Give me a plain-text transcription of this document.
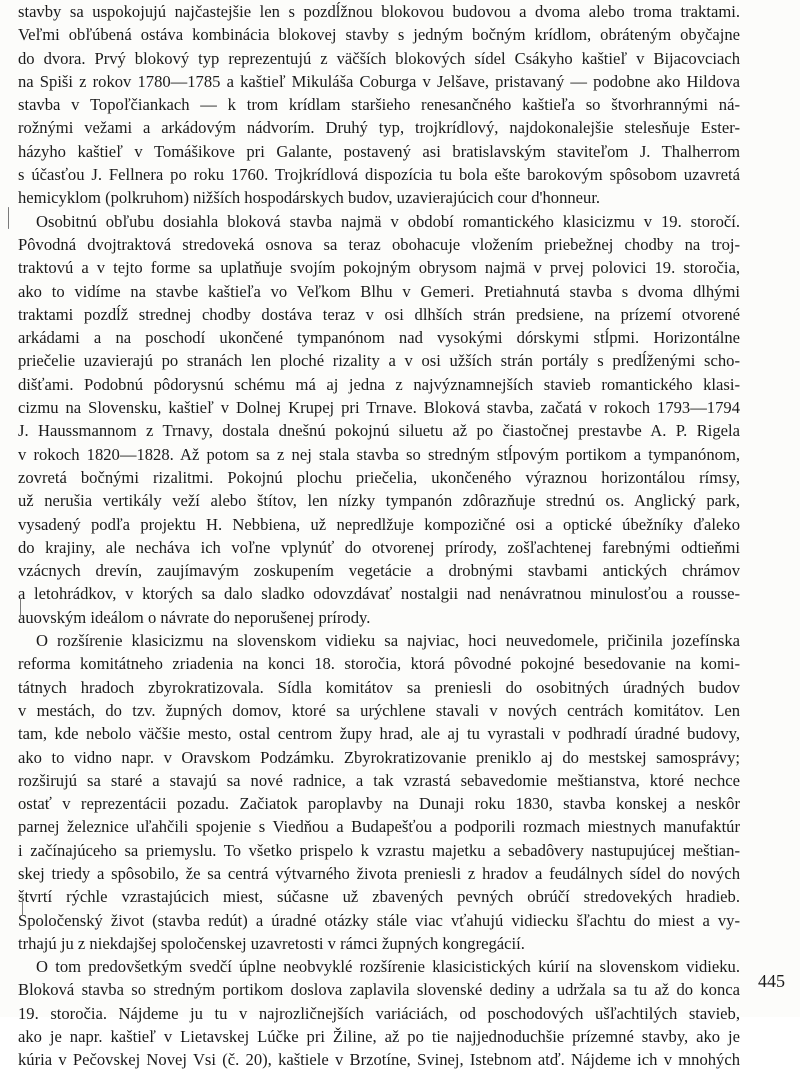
stavby sa uspokojujú najčastejšie len s pozdĺžnou blokovou budovou a dvoma alebo troma traktami.
Veľmi obľúbená ostáva kombinácia blokovej stavby s jedným bočným krídlom, obráteným obyčajne
do dvora. Prvý blokový typ reprezentujú z väčších blokových sídel Csákyho kaštieľ v Bijacovciach
na Spiši z rokov 1780—1785 a kaštieľ Mikuláša Coburga v Jelšave, pristavaný — podobne ako Hildova
stavba v Topoľčiankach — k trom krídlam staršieho renesančného kaštieľa so štvorhrannými ná-
rožnými vežami a arkádovým nádvorím. Druhý typ, trojkrídlový, najdokonalejšie stelesňuje Ester-
házyho kaštieľ v Tomášikove pri Galante, postavený asi bratislavským staviteľom J. Thalherrom
s účasťou J. Fellnera po roku 1760. Trojkrídlová dispozícia tu bola ešte barokovým spôsobom uzavretá
hemicyklom (polkruhom) nižších hospodárskych budov, uzavierajúcich cour d'honneur.
Osobitnú obľubu dosiahla bloková stavba najmä v období romantického klasicizmu v 19. storočí.
Pôvodná dvojtraktová stredoveká osnova sa teraz obohacuje vložením priebežnej chodby na troj-
traktovú a v tejto forme sa uplatňuje svojím pokojným obrysom najmä v prvej polovici 19. storočia,
ako to vidíme na stavbe kaštieľa vo Veľkom Blhu v Gemeri. Pretiahnutá stavba s dvoma dlhými
traktami pozdĺž strednej chodby dostáva teraz v osi dlhších strán predsiene, na prízemí otvorené
arkádami a na poschodí ukončené tympanónom nad vysokými dórskymi stĺpmi. Horizontálne
priečelie uzavierajú po stranách len ploché rizality a v osi užších strán portály s predĺženými scho-
dišťami. Podobnú pôdorysnú schému má aj jedna z najvýznamnejších stavieb romantického klasi-
cizmu na Slovensku, kaštieľ v Dolnej Krupej pri Trnave. Bloková stavba, začatá v rokoch 1793—1794
J. Haussmannom z Trnavy, dostala dnešnú pokojnú siluetu až po čiastočnej prestavbe A. P. Rigela
v rokoch 1820—1828. Až potom sa z nej stala stavba so stredným stĺpovým portikom a tympanónom,
zovretá bočnými rizalitmi. Pokojnú plochu priečelia, ukončeného výraznou horizontálou rímsy,
už nerušia vertikály veží alebo štítov, len nízky tympanón zdôrazňuje strednú os. Anglický park,
vysadený podľa projektu H. Nebbiena, už nepredlžuje kompozičné osi a optické úbežníky ďaleko
do krajiny, ale necháva ich voľne vplynúť do otvorenej prírody, zošľachtenej farebnými odtieňmi
vzácnych drevín, zaujímavým zoskupením vegetácie a drobnými stavbami antických chrámov
a letohrádkov, v ktorých sa dalo sladko odovzdávať nostalgii nad nenávratnou minulosťou a rousse-
auovským ideálom o návrate do neporušenej prírody.
O rozšírenie klasicizmu na slovenskom vidieku sa najviac, hoci neuvedomele, pričinila jozefínska
reforma komitátneho zriadenia na konci 18. storočia, ktorá pôvodné pokojné besedovanie na komi-
tátnych hradoch zbyrokratizovala. Sídla komitátov sa preniesli do osobitných úradných budov
v mestách, do tzv. župných domov, ktoré sa urýchlene stavali v nových centrách komitátov. Len
tam, kde nebolo väčšie mesto, ostal centrom župy hrad, ale aj tu vyrastali v podhradí úradné budovy,
ako to vidno napr. v Oravskom Podzámku. Zbyrokratizovanie preniklo aj do mestskej samosprávy;
rozširujú sa staré a stavajú sa nové radnice, a tak vzrastá sebavedomie meštianstva, ktoré nechce
ostať v reprezentácii pozadu. Začiatok paroplavby na Dunaji roku 1830, stavba konskej a neskôr
parnej železnice uľahčili spojenie s Viedňou a Budapešťou a podporili rozmach miestnych manufaktúr
i začínajúceho sa priemyslu. To všetko prispelo k vzrastu majetku a sebadôvery nastupujúcej meštian-
skej triedy a spôsobilo, že sa centrá výtvarného života preniesli z hradov a feudálnych sídel do nových
štvrtí rýchle vzrastajúcich miest, súčasne už zbavených pevných obrúčí stredovekých hradieb.
Spoločenský život (stavba redút) a úradné otázky stále viac vťahujú vidiecku šľachtu do miest a vy-
trhajú ju z niekdajšej spoločenskej uzavretosti v rámci župných kongregácií.
O tom predovšetkým svedčí úplne neobvyklé rozšírenie klasicistických kúrií na slovenskom vidieku.
Bloková stavba so stredným portikom doslova zaplavila slovenské dediny a udržala sa tu až do konca
19. storočia. Nájdeme ju tu v najrozličnejších variáciách, od poschodových ušľachtilých stavieb,
ako je napr. kaštieľ v Lietavskej Lúčke pri Žiline, až po tie najjednoduchšie prízemné stavby, ako je
kúria v Pečovskej Novej Vsi (č. 20), kaštiele v Brzotíne, Svinej, Istebnom atď. Nájdeme ich v mnohých
445
